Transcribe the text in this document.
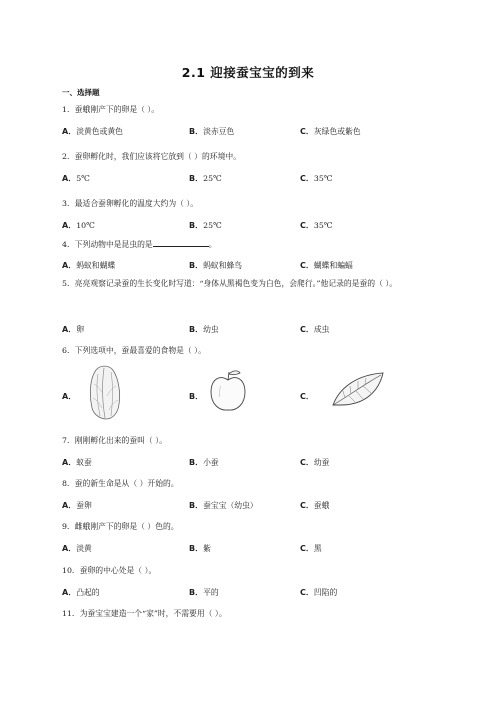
2.1 迎接蚕宝宝的到来
一、选择题
1．蚕蛾刚产下的卵是（ ）。
A．淡黄色或黄色	B．淡赤豆色	C．灰绿色或紫色
2．蚕卵孵化时，我们应该将它放到（ ）的环境中。
A．5℃	B．25℃	C．35℃
3．最适合蚕卵孵化的温度大约为（ ）。
A．10℃	B．25℃	C．35℃
4．下列动物中是昆虫的是	。
A．蚂蚁和蝴蝶	B．蚂蚁和蜂鸟	C．蝴蝶和蝙蝠
5．亮亮观察记录蚕的生长变化时写道：“身体从黑褐色变为白色，会爬行。”他记录的是蚕的（ ）。
A．卵	B．幼虫	C．成虫
6．下列选项中，蚕最喜爱的食物是（ ）。
A．	B．	C．
7．刚刚孵化出来的蚕叫（ ）。
A．蚁蚕	B．小蚕	C．幼蚕
8．蚕的新生命是从（ ）开始的。
A．蚕卵	B．蚕宝宝（幼虫）	C．蚕蛾
9．雌蛾刚产下的卵是（ ）色的。
A．淡黄	B．紫	C．黑
10．蚕卵的中心处是（ ）。
A．凸起的	B．平的	C．凹陷的
11．为蚕宝宝建造一个“家”时，不需要用（ ）。
